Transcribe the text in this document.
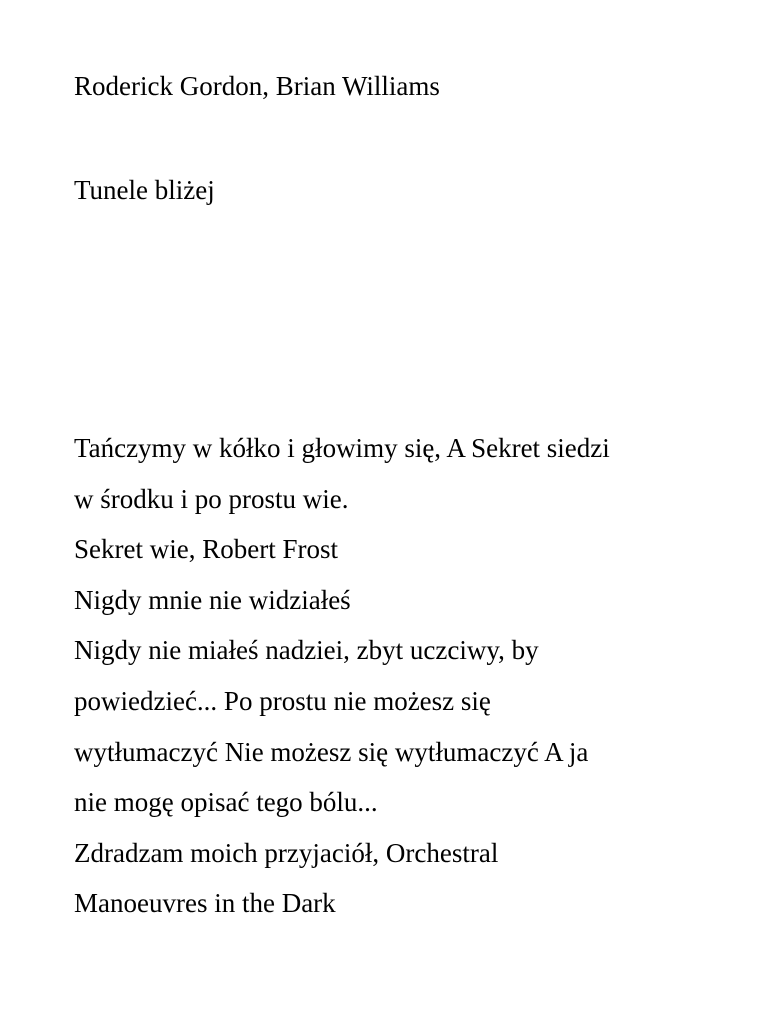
Roderick Gordon, Brian Williams

Tunele bliżej

Tańczymy w kółko i głowimy się, A Sekret siedzi
w środku i po prostu wie.
Sekret wie, Robert Frost
Nigdy mnie nie widziałeś
Nigdy nie miałeś nadziei, zbyt uczciwy, by
powiedzieć... Po prostu nie możesz się
wytłumaczyć Nie możesz się wytłumaczyć A ja
nie mogę opisać tego bólu...
Zdradzam moich przyjaciół, Orchestral
Manoeuvres in the Dark
